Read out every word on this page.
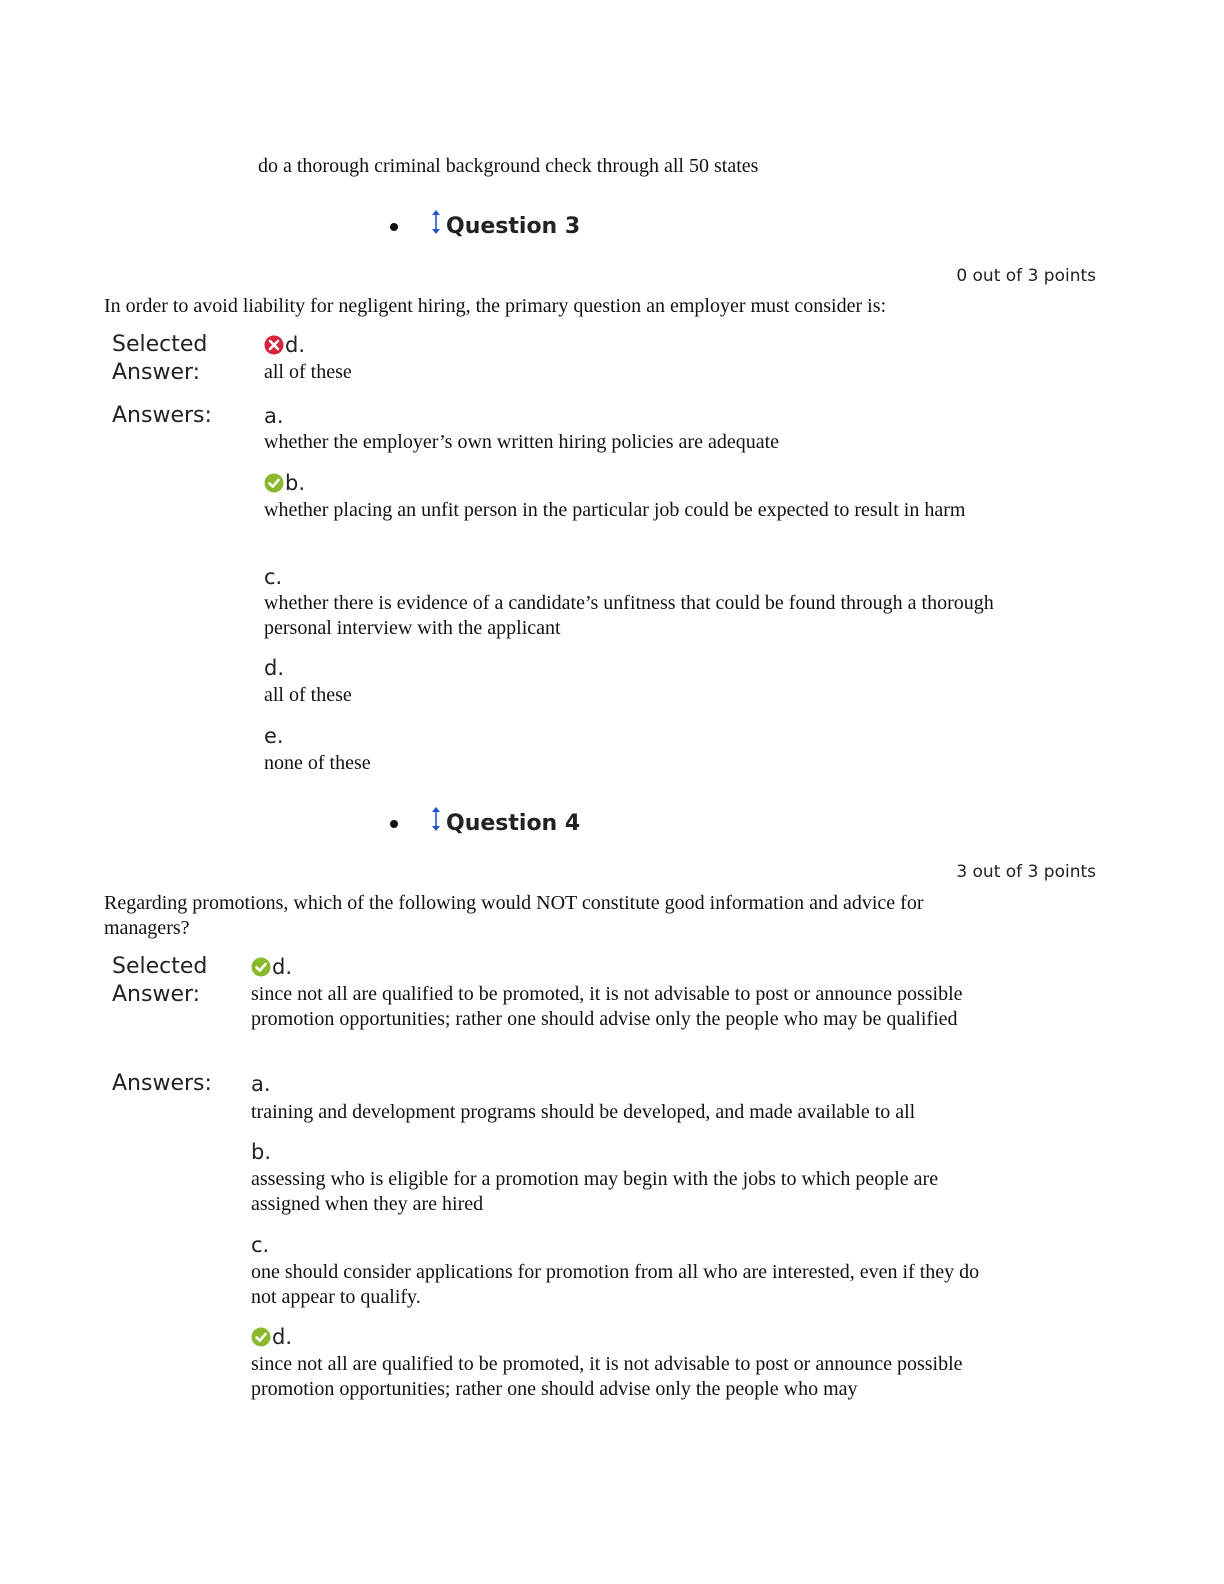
do a thorough criminal background check through all 50 states
Question 3
0 out of 3 points
In order to avoid liability for negligent hiring, the primary question an employer must consider is:
Selected Answer:
d.
all of these
Answers: a.
whether the employer’s own written hiring policies are adequate
b.
whether placing an unfit person in the particular job could be expected to result in harm
c.
whether there is evidence of a candidate’s unfitness that could be found through a thorough personal interview with the applicant
d.
all of these
e.
none of these
Question 4
3 out of 3 points
Regarding promotions, which of the following would NOT constitute good information and advice for managers?
Selected Answer:
d.
since not all are qualified to be promoted, it is not advisable to post or announce possible promotion opportunities; rather one should advise only the people who may be qualified
Answers: a.
training and development programs should be developed, and made available to all
b.
assessing who is eligible for a promotion may begin with the jobs to which people are assigned when they are hired
c.
one should consider applications for promotion from all who are interested, even if they do not appear to qualify.
d.
since not all are qualified to be promoted, it is not advisable to post or announce possible promotion opportunities; rather one should advise only the people who may
